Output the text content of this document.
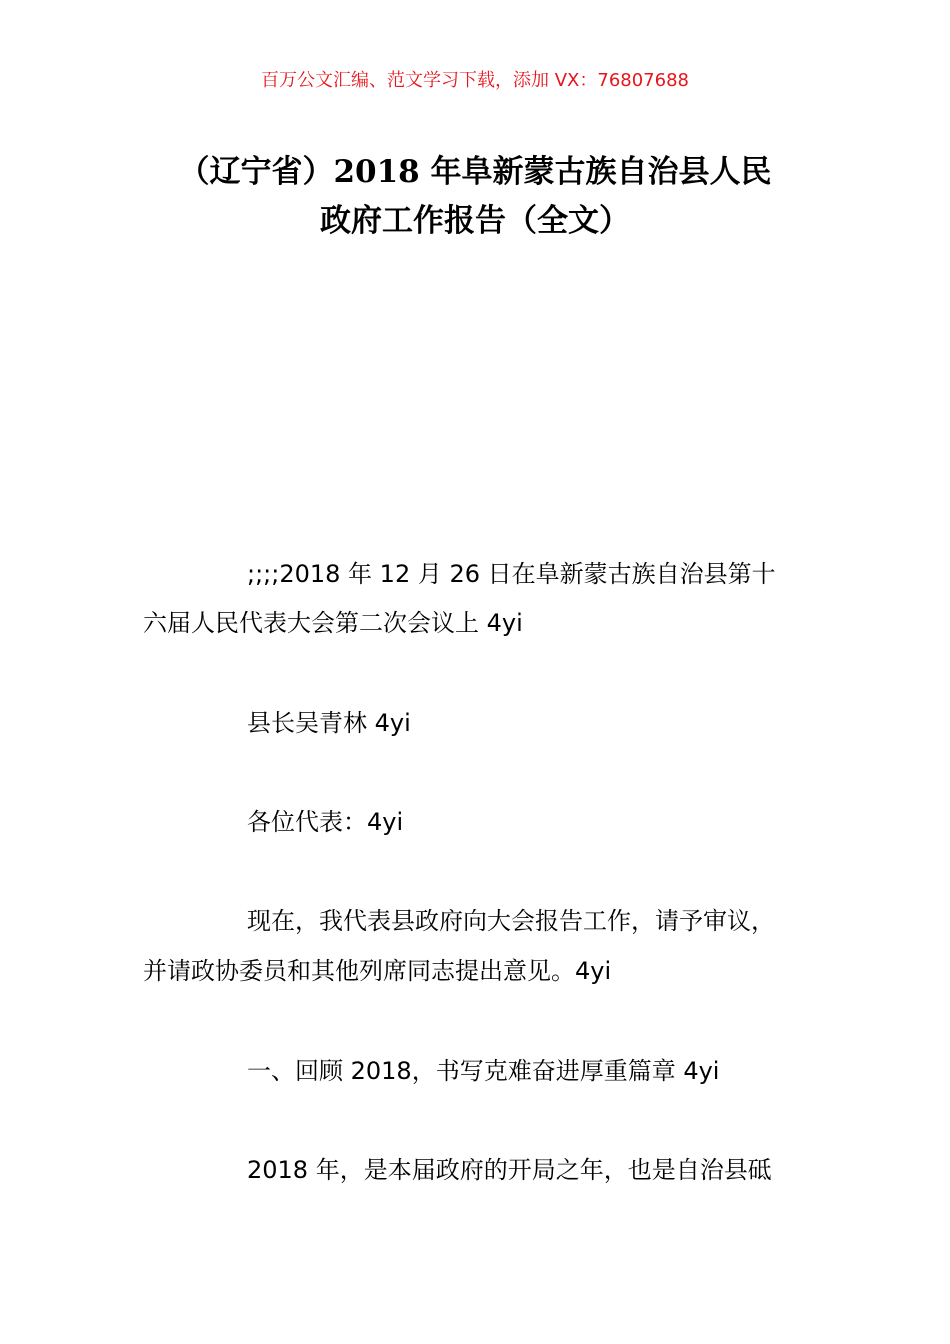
百万公文汇编、范文学习下载，添加 VX：76807688
（辽宁省）2018 年阜新蒙古族自治县人民
政府工作报告（全文）
;;;;2018 年 12 月 26 日在阜新蒙古族自治县第十
六届人民代表大会第二次会议上 4yi
县长吴青林 4yi
各位代表：4yi
现在，我代表县政府向大会报告工作，请予审议，
并请政协委员和其他列席同志提出意见。4yi
一、回顾 2018，书写克难奋进厚重篇章 4yi
2018 年，是本届政府的开局之年，也是自治县砥
